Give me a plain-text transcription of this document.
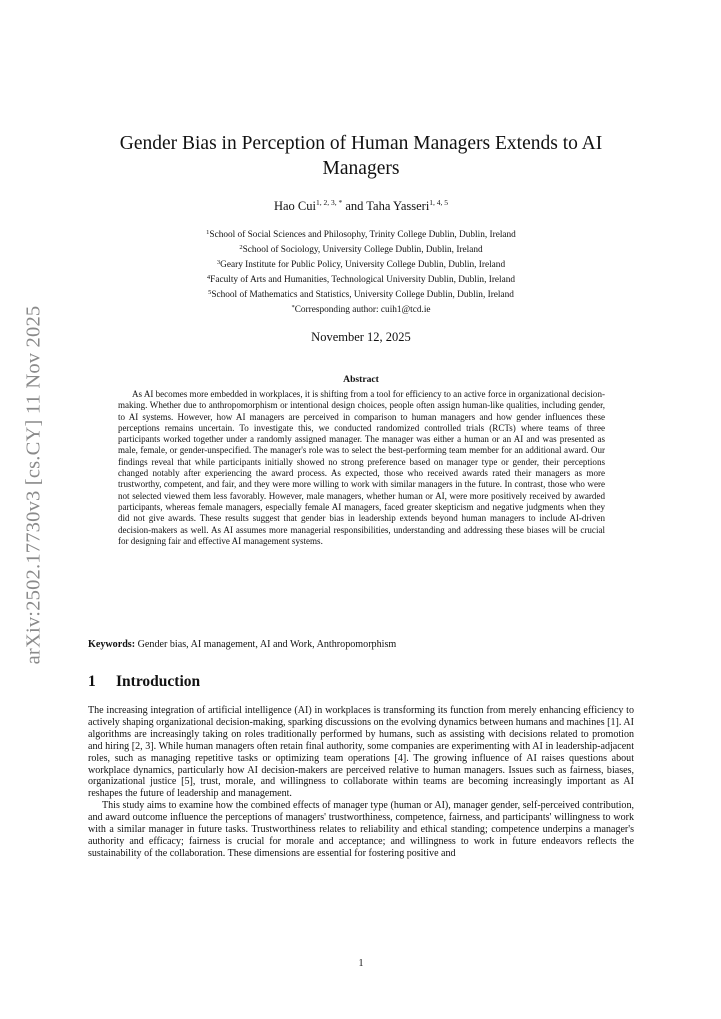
arXiv:2502.17730v3 [cs.CY] 11 Nov 2025
Gender Bias in Perception of Human Managers Extends to AI Managers
Hao Cui$^{1, 2, 3, *}$ and Taha Yasseri$^{1, 4, 5}$
$^1$School of Social Sciences and Philosophy, Trinity College Dublin, Dublin, Ireland
$^2$School of Sociology, University College Dublin, Dublin, Ireland
$^3$Geary Institute for Public Policy, University College Dublin, Dublin, Ireland
$^4$Faculty of Arts and Humanities, Technological University Dublin, Dublin, Ireland
$^5$School of Mathematics and Statistics, University College Dublin, Dublin, Ireland
*Corresponding author: cuih1@tcd.ie
November 12, 2025
Abstract

As AI becomes more embedded in workplaces, it is shifting from a tool for efficiency to an active force in organizational decision-making. Whether due to anthropomorphism or intentional design choices, people often assign human-like qualities, including gender, to AI systems. However, how AI managers are perceived in comparison to human managers and how gender influences these perceptions remains uncertain. To investigate this, we conducted randomized controlled trials (RCTs) where teams of three participants worked together under a randomly assigned manager. The manager was either a human or an AI and was presented as male, female, or gender-unspecified. The manager's role was to select the best-performing team member for an additional award. Our findings reveal that while participants initially showed no strong preference based on manager type or gender, their perceptions changed notably after experiencing the award process. As expected, those who received awards rated their managers as more trustworthy, competent, and fair, and they were more willing to work with similar managers in the future. In contrast, those who were not selected viewed them less favorably. However, male managers, whether human or AI, were more positively received by awarded participants, whereas female managers, especially female AI managers, faced greater skepticism and negative judgments when they did not give awards. These results suggest that gender bias in leadership extends beyond human managers to include AI-driven decision-makers as well. As AI assumes more managerial responsibilities, understanding and addressing these biases will be crucial for designing fair and effective AI management systems.

Keywords: Gender bias, AI management, AI and Work, Anthropomorphism

1 Introduction

The increasing integration of artificial intelligence (AI) in workplaces is transforming its function from merely enhancing efficiency to actively shaping organizational decision-making, sparking discussions on the evolving dynamics between humans and machines [1]. AI algorithms are increasingly taking on roles traditionally performed by humans, such as assisting with decisions related to promotion and hiring [2, 3]. While human managers often retain final authority, some companies are experimenting with AI in leadership-adjacent roles, such as managing repetitive tasks or optimizing team operations [4]. The growing influence of AI raises questions about workplace dynamics, particularly how AI decision-makers are perceived relative to human managers. Issues such as fairness, biases, organizational justice [5], trust, morale, and willingness to collaborate within teams are becoming increasingly important as AI reshapes the future of leadership and management.

This study aims to examine how the combined effects of manager type (human or AI), manager gender, self-perceived contribution, and award outcome influence the perceptions of managers' trustworthiness, competence, fairness, and participants' willingness to work with a similar manager in future tasks. Trustworthiness relates to reliability and ethical standing; competence underpins a manager's authority and efficacy; fairness is crucial for morale and acceptance; and willingness to work in future endeavors reflects the sustainability of the collaboration. These dimensions are essential for fostering positive and

1
